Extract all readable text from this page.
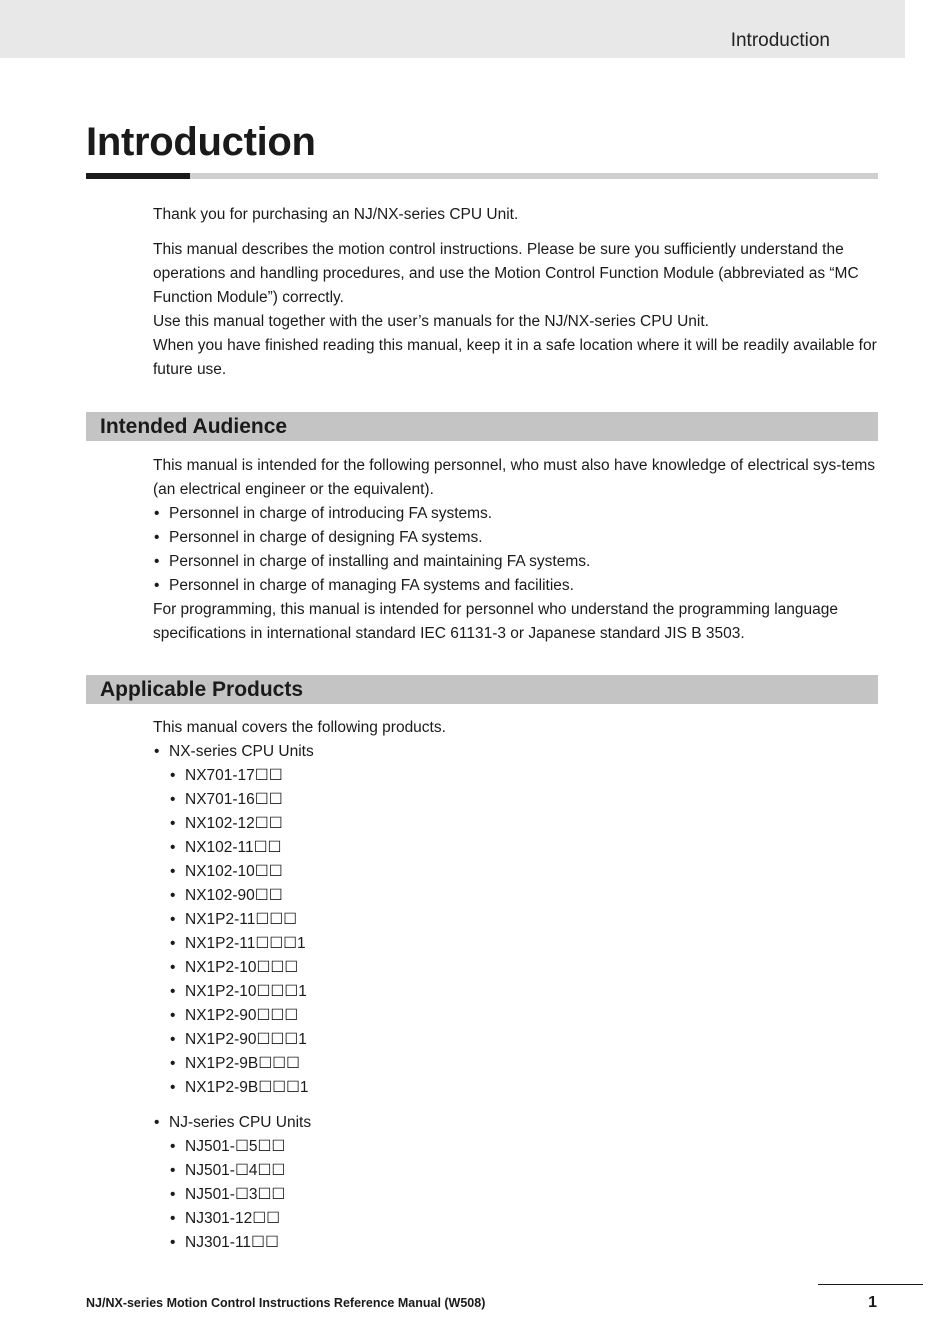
Introduction
Introduction

Thank you for purchasing an NJ/NX-series CPU Unit.

This manual describes the motion control instructions. Please be sure you sufficiently understand the operations and handling procedures, and use the Motion Control Function Module (abbreviated as “MC Function Module”) correctly.

Use this manual together with the user’s manuals for the NJ/NX-series CPU Unit.

When you have finished reading this manual, keep it in a safe location where it will be readily available for future use.

Intended Audience

This manual is intended for the following personnel, who must also have knowledge of electrical sys-tems (an electrical engineer or the equivalent).

• Personnel in charge of introducing FA systems.
• Personnel in charge of designing FA systems.
• Personnel in charge of installing and maintaining FA systems.
• Personnel in charge of managing FA systems and facilities.

For programming, this manual is intended for personnel who understand the programming language specifications in international standard IEC 61131-3 or Japanese standard JIS B 3503.

Applicable Products

This manual covers the following products.

• NX-series CPU Units
• NX701-17☐☐
• NX701-16☐☐
• NX102-12☐☐
• NX102-11☐☐
• NX102-10☐☐
• NX102-90☐☐
• NX1P2-11☐☐☐
• NX1P2-11☐☐☐1
• NX1P2-10☐☐☐
• NX1P2-10☐☐☐1
• NX1P2-90☐☐☐
• NX1P2-90☐☐☐1
• NX1P2-9B☐☐☐
• NX1P2-9B☐☐☐1
• NJ-series CPU Units
• NJ501-☐5☐☐
• NJ501-☐4☐☐
• NJ501-☐3☐☐
• NJ301-12☐☐
• NJ301-11☐☐
NJ/NX-series Motion Control Instructions Reference Manual (W508)	1
